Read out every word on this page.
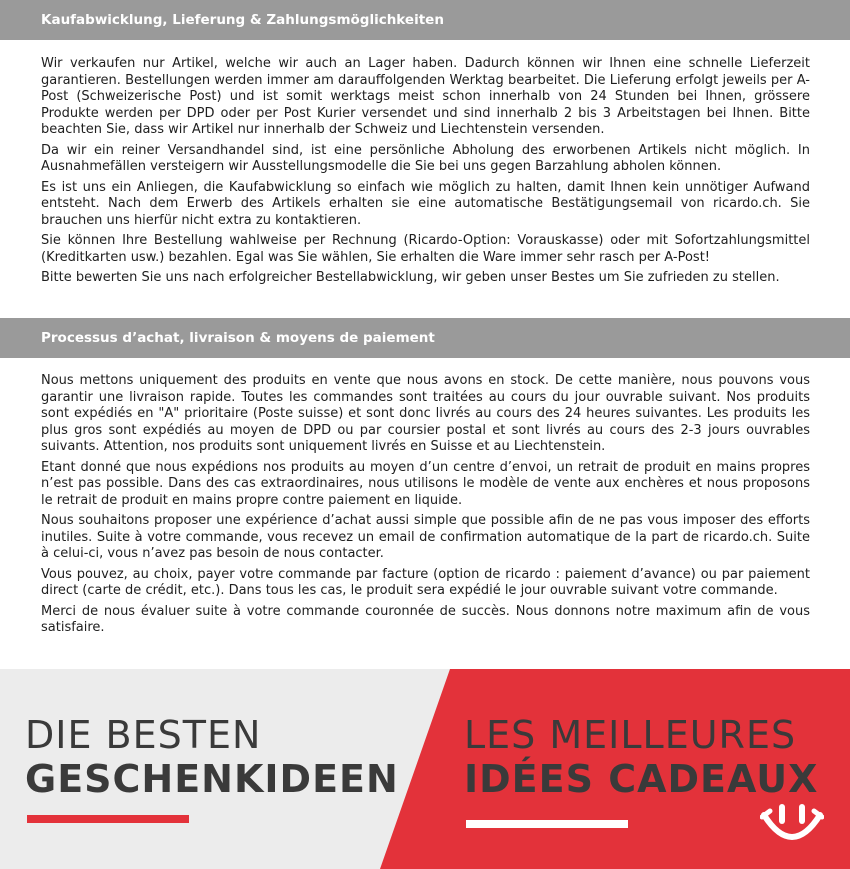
Kaufabwicklung, Lieferung & Zahlungsmöglichkeiten

Wir verkaufen nur Artikel, welche wir auch an Lager haben. Dadurch können wir Ihnen eine schnelle Lieferzeit garantieren. Bestellungen werden immer am darauffolgenden Werktag bearbeitet. Die Lieferung erfolgt jeweils per A-Post (Schweizerische Post) und ist somit werktags meist schon innerhalb von 24 Stunden bei Ihnen, grössere Produkte werden per DPD oder per Post Kurier versendet und sind innerhalb 2 bis 3 Arbeitstagen bei Ihnen. Bitte beachten Sie, dass wir Artikel nur innerhalb der Schweiz und Liechtenstein versenden.

Da wir ein reiner Versandhandel sind, ist eine persönliche Abholung des erworbenen Artikels nicht möglich. In Ausnahmefällen versteigern wir Ausstellungsmodelle die Sie bei uns gegen Barzahlung abholen können.

Es ist uns ein Anliegen, die Kaufabwicklung so einfach wie möglich zu halten, damit Ihnen kein unnötiger Aufwand entsteht. Nach dem Erwerb des Artikels erhalten sie eine automatische Bestätigungsemail von ricardo.ch. Sie brauchen uns hierfür nicht extra zu kontaktieren.

Sie können Ihre Bestellung wahlweise per Rechnung (Ricardo-Option: Vorauskasse) oder mit Sofortzahlungsmittel (Kreditkarten usw.) bezahlen. Egal was Sie wählen, Sie erhalten die Ware immer sehr rasch per A-Post!

Bitte bewerten Sie uns nach erfolgreicher Bestellabwicklung, wir geben unser Bestes um Sie zufrieden zu stellen.

Processus d’achat, livraison & moyens de paiement

Nous mettons uniquement des produits en vente que nous avons en stock. De cette manière, nous pouvons vous garantir une livraison rapide. Toutes les commandes sont traitées au cours du jour ouvrable suivant. Nos produits sont expédiés en "A" prioritaire (Poste suisse) et sont donc livrés au cours des 24 heures suivantes. Les produits les plus gros sont expédiés au moyen de DPD ou par coursier postal et sont livrés au cours des 2-3 jours ouvrables suivants. Attention, nos produits sont uniquement livrés en Suisse et au Liechtenstein.

Etant donné que nous expédions nos produits au moyen d’un centre d’envoi, un retrait de produit en mains propres n’est pas possible. Dans des cas extraordinaires, nous utilisons le modèle de vente aux enchères et nous proposons le retrait de produit en mains propre contre paiement en liquide.

Nous souhaitons proposer une expérience d’achat aussi simple que possible afin de ne pas vous imposer des efforts inutiles. Suite à votre commande, vous recevez un email de confirmation automatique de la part de ricardo.ch. Suite à celui-ci, vous n’avez pas besoin de nous contacter.

Vous pouvez, au choix, payer votre commande par facture (option de ricardo : paiement d’avance) ou par paiement direct (carte de crédit, etc.). Dans tous les cas, le produit sera expédié le jour ouvrable suivant votre commande.

Merci de nous évaluer suite à votre commande couronnée de succès. Nous donnons notre maximum afin de vous satisfaire.

DIE BESTEN
GESCHENKIDEEN
LES MEILLEURES
IDÉES CADEAUX
